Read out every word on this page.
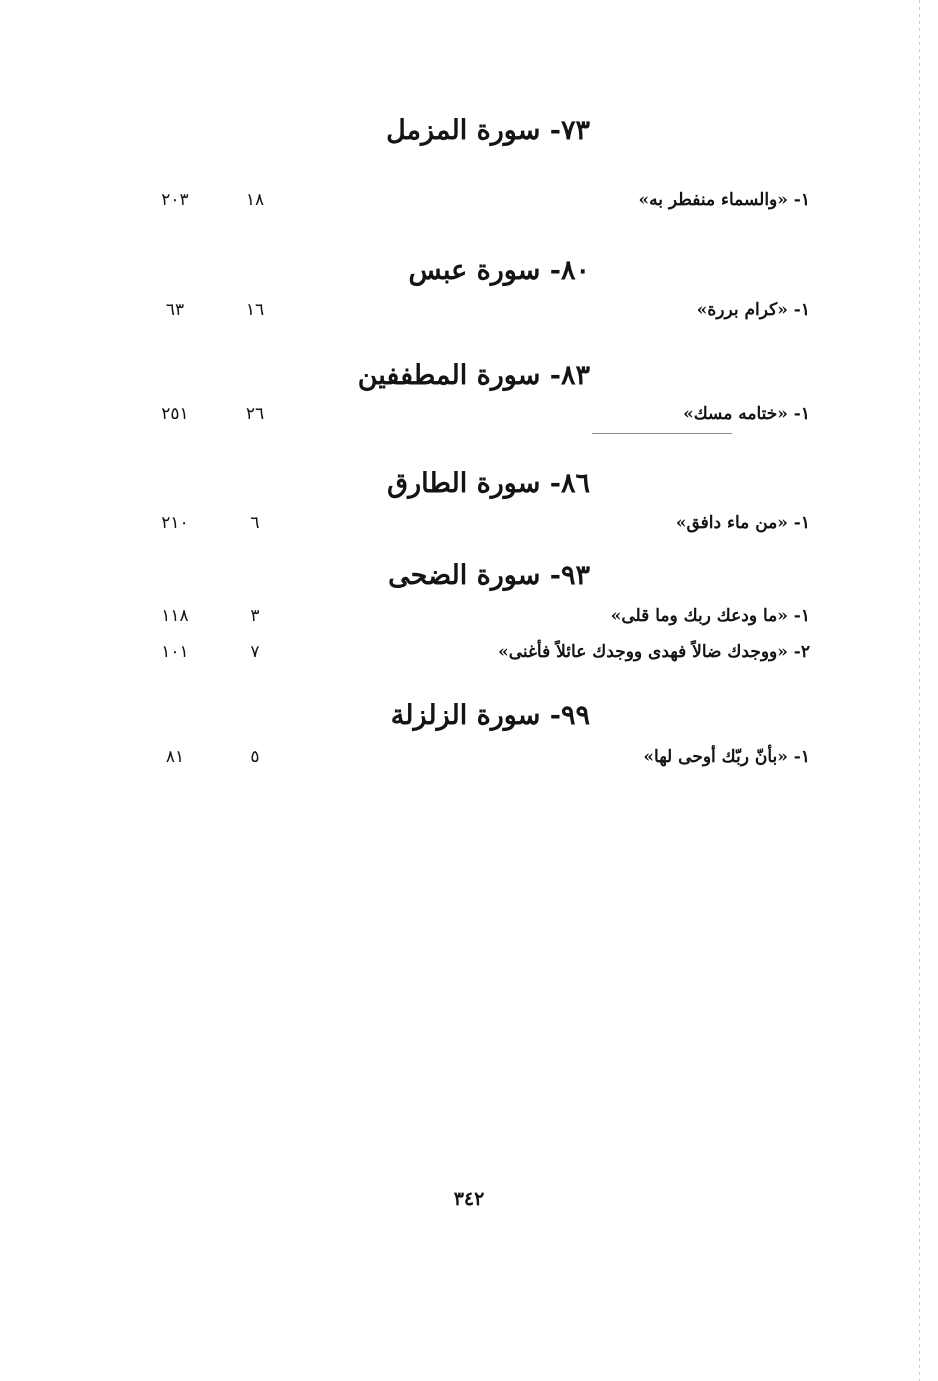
٧٣- سورة المزمل
١- «والسماء منفطر به»
١٨
٢٠٣
٨٠- سورة عبس
١- «كرام بررة»
١٦
٦٣
٨٣- سورة المطففين
١- «ختامه مسك»
٢٦
٢٥١
٨٦- سورة الطارق
١- «من ماء دافق»
٦
٢١٠
٩٣- سورة الضحى
١- «ما ودعك ربك وما قلى»
٣
١١٨
٢- «ووجدك ضالاً فهدى ووجدك عائلاً فأغنى»
٧
١٠١
٩٩- سورة الزلزلة
١- «بأنّ ربّك أوحى لها»
٥
٨١
٣٤٢
